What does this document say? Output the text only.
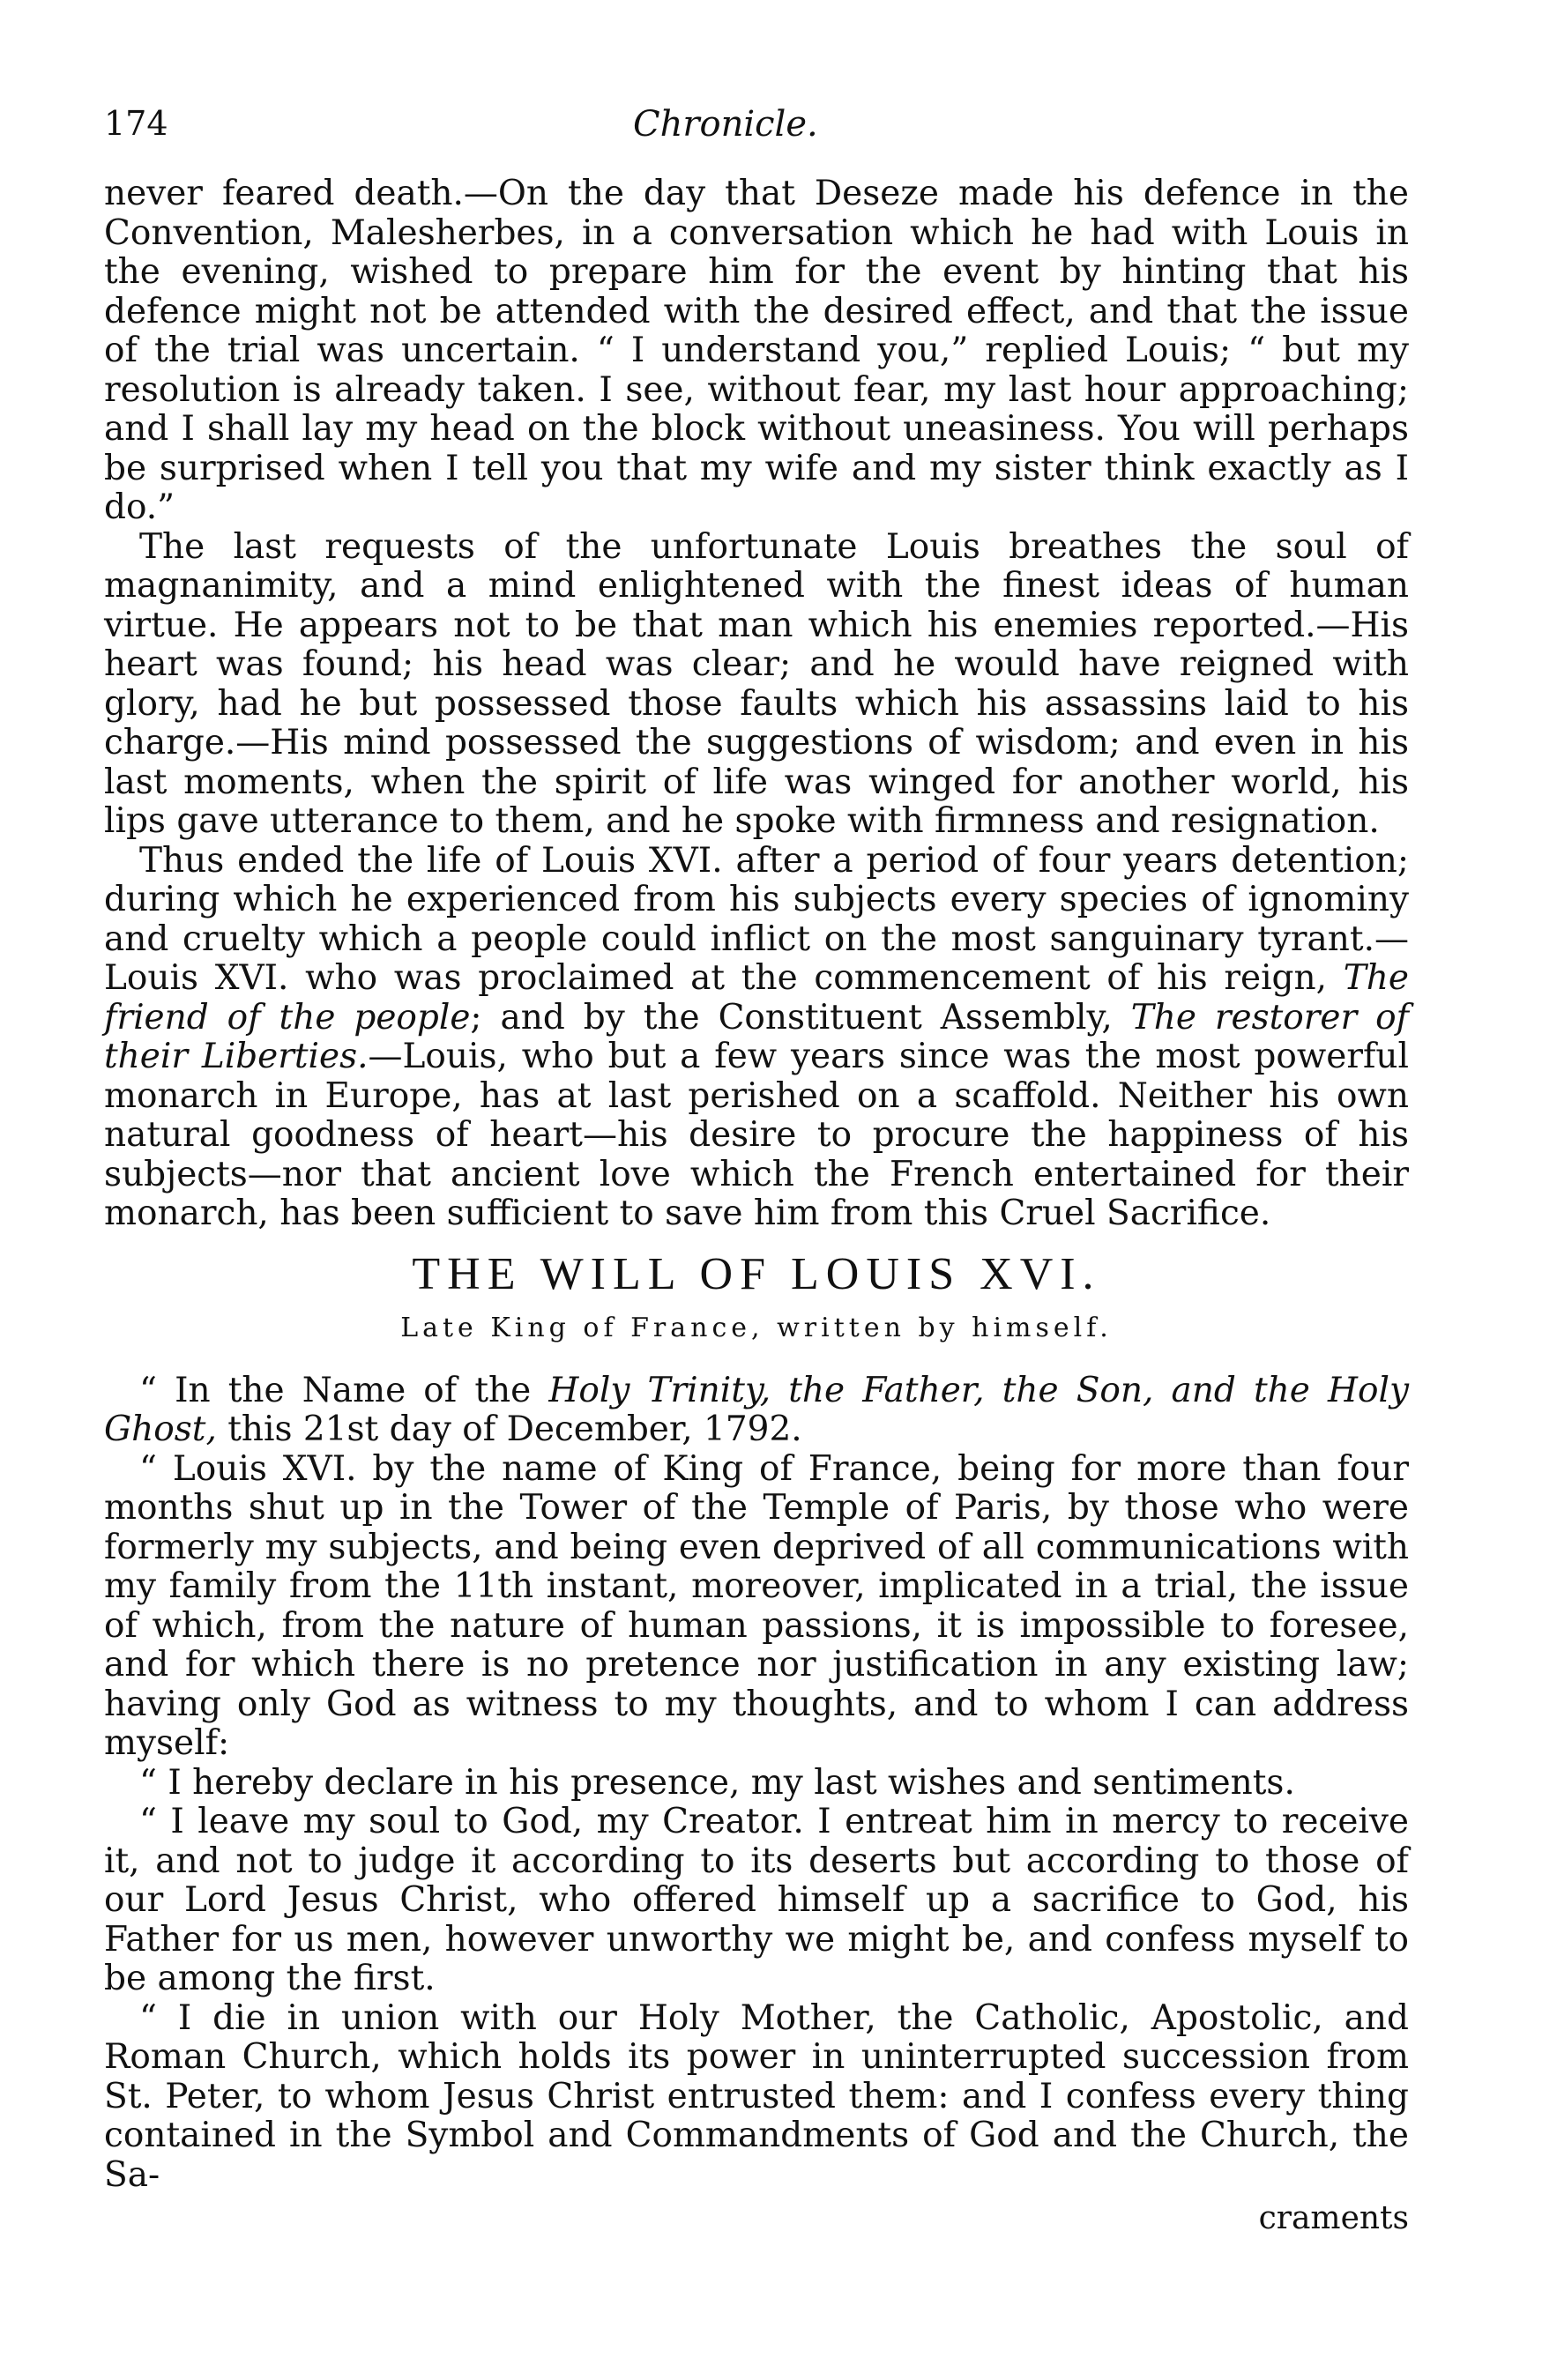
174	Chronicle.

never feared death.—On the day that Deseze made his defence in the Convention, Malesherbes, in a conversation which he had with Louis in the evening, wished to prepare him for the event by hinting that his defence might not be attended with the desired effect, and that the issue of the trial was uncertain. “ I understand you,” replied Louis; “ but my resolution is already taken. I see, without fear, my last hour approaching; and I shall lay my head on the block without uneasiness. You will perhaps be surprised when I tell you that my wife and my sister think exactly as I do.”

The last requests of the unfortunate Louis breathes the soul of magnanimity, and a mind enlightened with the finest ideas of human virtue. He appears not to be that man which his enemies reported.—His heart was found; his head was clear; and he would have reigned with glory, had he but possessed those faults which his assassins laid to his charge.—His mind possessed the suggestions of wisdom; and even in his last moments, when the spirit of life was winged for another world, his lips gave utterance to them, and he spoke with firmness and resignation.

Thus ended the life of Louis XVI. after a period of four years detention; during which he experienced from his subjects every species of ignominy and cruelty which a people could inflict on the most sanguinary tyrant.—Louis XVI. who was proclaimed at the commencement of his reign, The friend of the people; and by the Constituent Assembly, The restorer of their Liberties.—Louis, who but a few years since was the most powerful monarch in Europe, has at last perished on a scaffold. Neither his own natural goodness of heart—his desire to procure the happiness of his subjects—nor that ancient love which the French entertained for their monarch, has been sufficient to save him from this Cruel Sacrifice.

THE WILL OF LOUIS XVI.
Late King of France, written by himself.

“ In the Name of the Holy Trinity, the Father, the Son, and the Holy Ghost, this 21st day of December, 1792.

“ Louis XVI. by the name of King of France, being for more than four months shut up in the Tower of the Temple of Paris, by those who were formerly my subjects, and being even deprived of all communications with my family from the 11th instant, moreover, implicated in a trial, the issue of which, from the nature of human passions, it is impossible to foresee, and for which there is no pretence nor justification in any existing law; having only God as witness to my thoughts, and to whom I can address myself:

“ I hereby declare in his presence, my last wishes and sentiments.

“ I leave my soul to God, my Creator. I entreat him in mercy to receive it, and not to judge it according to its deserts but according to those of our Lord Jesus Christ, who offered himself up a sacrifice to God, his Father for us men, however unworthy we might be, and confess myself to be among the first.

“ I die in union with our Holy Mother, the Catholic, Apostolic, and Roman Church, which holds its power in uninterrupted succession from St. Peter, to whom Jesus Christ entrusted them: and I confess every thing contained in the Symbol and Commandments of God and the Church, the Sa-

craments
